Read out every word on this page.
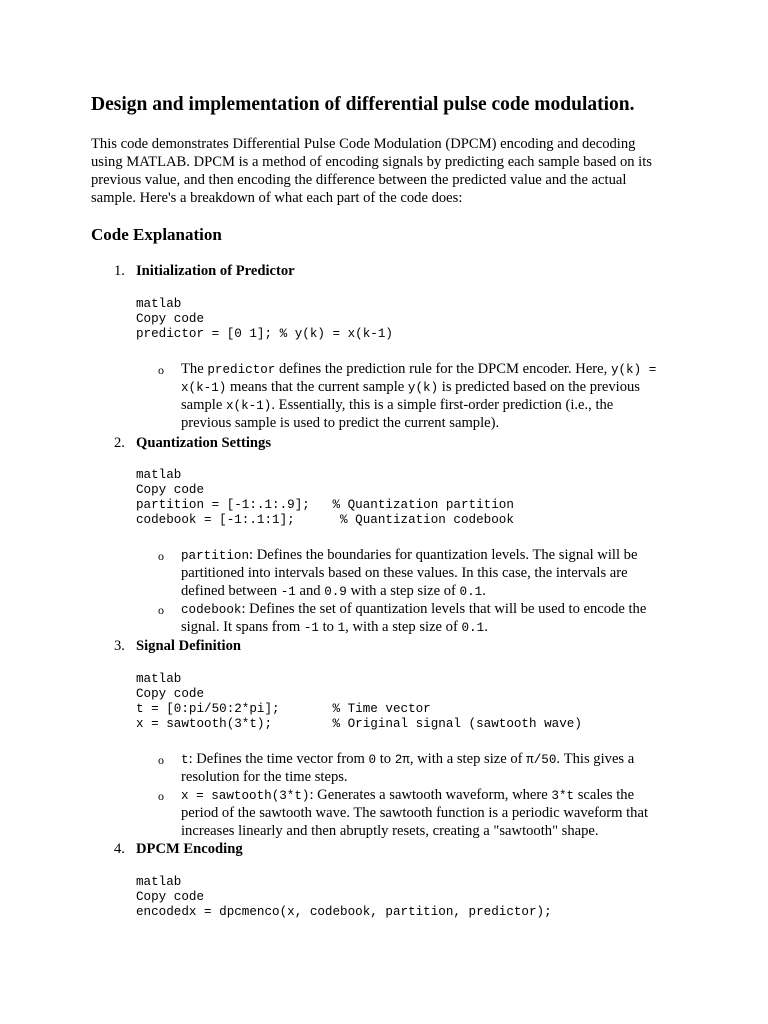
Design and implementation of differential pulse code modulation.
This code demonstrates Differential Pulse Code Modulation (DPCM) encoding and decoding
using MATLAB. DPCM is a method of encoding signals by predicting each sample based on its
previous value, and then encoding the difference between the predicted value and the actual
sample. Here's a breakdown of what each part of the code does:
Code Explanation
1. Initialization of Predictor
matlab
Copy code
predictor = [0 1]; % y(k) = x(k-1)
o The predictor defines the prediction rule for the DPCM encoder. Here, y(k) =
x(k-1) means that the current sample y(k) is predicted based on the previous
sample x(k-1). Essentially, this is a simple first-order prediction (i.e., the
previous sample is used to predict the current sample).
2. Quantization Settings
matlab
Copy code
partition = [-1:.1:.9];   % Quantization partition
codebook = [-1:.1:1];      % Quantization codebook
o partition: Defines the boundaries for quantization levels. The signal will be
partitioned into intervals based on these values. In this case, the intervals are
defined between -1 and 0.9 with a step size of 0.1.
o codebook: Defines the set of quantization levels that will be used to encode the
signal. It spans from -1 to 1, with a step size of 0.1.
3. Signal Definition
matlab
Copy code
t = [0:pi/50:2*pi];       % Time vector
x = sawtooth(3*t);        % Original signal (sawtooth wave)
o t: Defines the time vector from 0 to 2π, with a step size of π/50. This gives a
resolution for the time steps.
o x = sawtooth(3*t): Generates a sawtooth waveform, where 3*t scales the
period of the sawtooth wave. The sawtooth function is a periodic waveform that
increases linearly and then abruptly resets, creating a "sawtooth" shape.
4. DPCM Encoding
matlab
Copy code
encodedx = dpcmenco(x, codebook, partition, predictor);
